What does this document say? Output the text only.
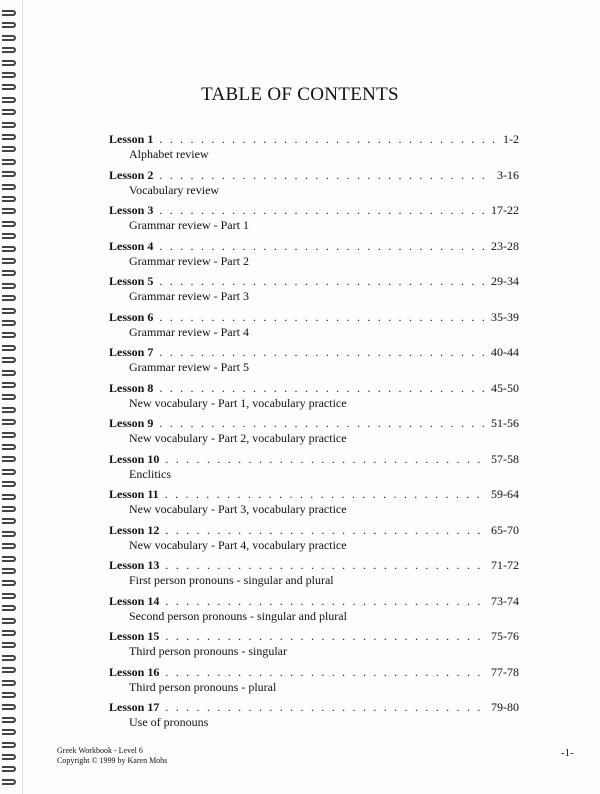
TABLE OF CONTENTS
Lesson 1 . . .	1-2
Alphabet review
Lesson 2 . . .	3-16
Vocabulary review
Lesson 3 . . .	17-22
Grammar review - Part 1
Lesson 4 . . .	23-28
Grammar review - Part 2
Lesson 5 . . .	29-34
Grammar review - Part 3
Lesson 6 . . .	35-39
Grammar review - Part 4
Lesson 7 . . .	40-44
Grammar review - Part 5
Lesson 8 . . .	45-50
New vocabulary - Part 1, vocabulary practice
Lesson 9 . . .	51-56
New vocabulary - Part 2, vocabulary practice
Lesson 10 . . .	57-58
Enclitics
Lesson 11 . . .	59-64
New vocabulary - Part 3, vocabulary practice
Lesson 12 . . .	65-70
New vocabulary - Part 4, vocabulary practice
Lesson 13 . . .	71-72
First person pronouns - singular and plural
Lesson 14 . . .	73-74
Second person pronouns - singular and plural
Lesson 15 . . .	75-76
Third person pronouns - singular
Lesson 16 . . .	77-78
Third person pronouns - plural
Lesson 17 . . .	79-80
Use of pronouns
Greek Workbook - Level 6
Copyright © 1999 by Karen Mohs
-1-
